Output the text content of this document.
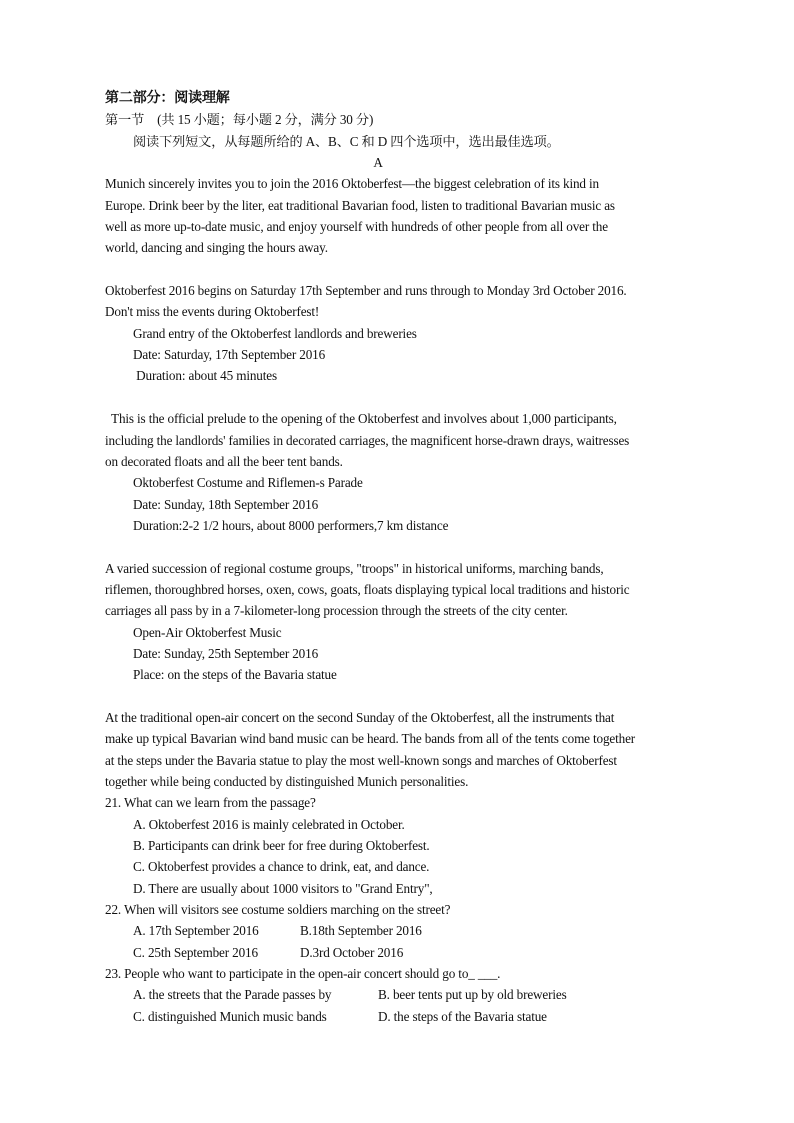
第二部分：阅读理解
第一节　(共 15 小题；每小题 2 分，满分 30 分)
阅读下列短文，从每题所给的 A、B、C 和 D 四个选项中，选出最佳选项。
A
Munich sincerely invites you to join the 2016 Oktoberfest—the biggest celebration of its kind in
Europe. Drink beer by the liter, eat traditional Bavarian food, listen to traditional Bavarian music as
well as more up-to-date music, and enjoy yourself with hundreds of other people from all over the
world, dancing and singing the hours away.
Oktoberfest 2016 begins on Saturday 17th September and runs through to Monday 3rd October 2016.
Don't miss the events during Oktoberfest!
Grand entry of the Oktoberfest landlords and breweries
Date: Saturday, 17th September 2016
Duration: about 45 minutes
This is the official prelude to the opening of the Oktoberfest and involves about 1,000 participants,
including the landlords' families in decorated carriages, the magnificent horse-drawn drays, waitresses
on decorated floats and all the beer tent bands.
Oktoberfest Costume and Riflemen-s Parade
Date: Sunday, 18th September 2016
Duration:2-2 1/2 hours, about 8000 performers,7 km distance
A varied succession of regional costume groups, "troops" in historical uniforms, marching bands,
riflemen, thoroughbred horses, oxen, cows, goats, floats displaying typical local traditions and historic
carriages all pass by in a 7-kilometer-long procession through the streets of the city center.
Open-Air Oktoberfest Music
Date: Sunday, 25th September 2016
Place: on the steps of the Bavaria statue
At the traditional open-air concert on the second Sunday of the Oktoberfest, all the instruments that
make up typical Bavarian wind band music can be heard. The bands from all of the tents come together
at the steps under the Bavaria statue to play the most well-known songs and marches of Oktoberfest
together while being conducted by distinguished Munich personalities.
21. What can we learn from the passage?
A. Oktoberfest 2016 is mainly celebrated in October.
B. Participants can drink beer for free during Oktoberfest.
C. Oktoberfest provides a chance to drink, eat, and dance.
D. There are usually about 1000 visitors to "Grand Entry",
22. When will visitors see costume soldiers marching on the street?
A. 17th September 2016	B.18th September 2016
C. 25th September 2016	D.3rd October 2016
23. People who want to participate in the open-air concert should go to_ ___.
A. the streets that the Parade passes by	B. beer tents put up by old breweries
C. distinguished Munich music bands	D. the steps of the Bavaria statue
